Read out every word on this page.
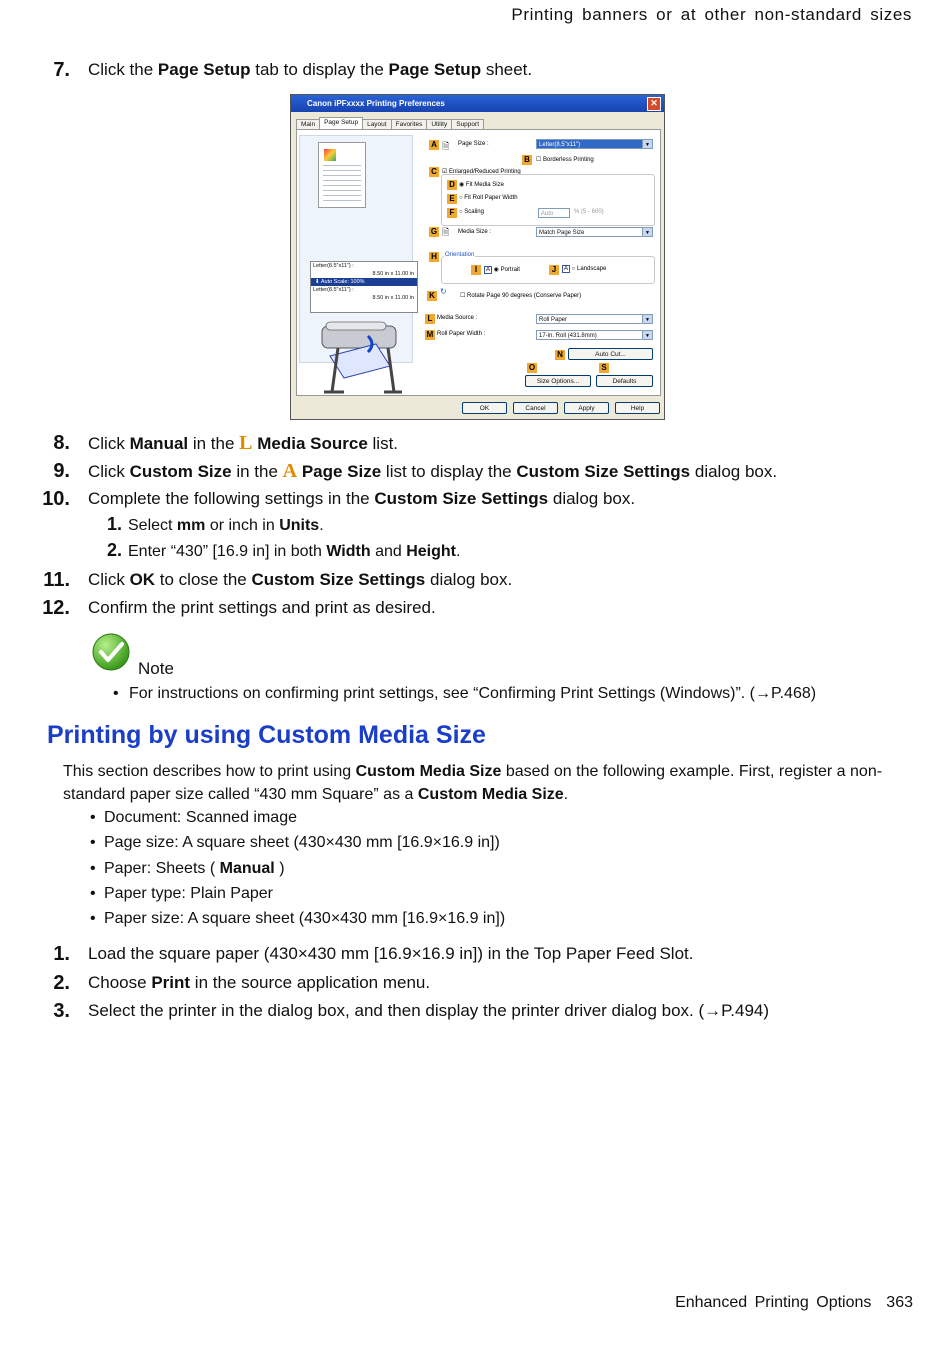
Printing banners or at other non-standard sizes
7. Click the Page Setup tab to display the Page Setup sheet.
Canon iPFxxxx Printing Preferences	✕
Main Page Setup Layout Favorites Utility Support
Letter(8.5"x11") :
8.50 in x 11.00 in
⬇ Auto Scale: 100%
Letter(8.5"x11") :
8.50 in x 11.00 in
A 🗎 Page Size :	Letter(8.5"x11")	▼
B	☐ Borderless Printing
C ☑ Enlarged/Reduced Printing
D ◉ Fit Media Size
E ○ Fit Roll Paper Width
F ○ Scaling	Auto	% (5 - 600)
G 🗎 Media Size :	Match Page Size	▼
H	Orientation
I	A ◉ Portrait	J	A ○ Landscape
K ↻ ☐ Rotate Page 90 degrees (Conserve Paper)
L Media Source :	Roll Paper	▼
M Roll Paper Width :	17-in. Roll (431.8mm)	▼
N	Auto Cut...
O	S
Size Options...	Defaults
OK	Cancel	Apply	Help
8. Click Manual in the L Media Source list.
9. Click Custom Size in the A Page Size list to display the Custom Size Settings dialog box.
10. Complete the following settings in the Custom Size Settings dialog box.
1. Select mm or inch in Units.
2. Enter “430” [16.9 in] in both Width and Height.
11. Click OK to close the Custom Size Settings dialog box.
12. Confirm the print settings and print as desired.
Note
• For instructions on confirming print settings, see “Confirming Print Settings (Windows)”. (→P.468)
Printing by using Custom Media Size
This section describes how to print using Custom Media Size based on the following example. First, register a non-standard paper size called “430 mm Square” as a Custom Media Size.
• Document: Scanned image
• Page size: A square sheet (430×430 mm [16.9×16.9 in])
• Paper: Sheets ( Manual )
• Paper type: Plain Paper
• Paper size: A square sheet (430×430 mm [16.9×16.9 in])
1. Load the square paper (430×430 mm [16.9×16.9 in]) in the Top Paper Feed Slot.
2. Choose Print in the source application menu.
3. Select the printer in the dialog box, and then display the printer driver dialog box. (→P.494)
Enhanced Printing Options 363
